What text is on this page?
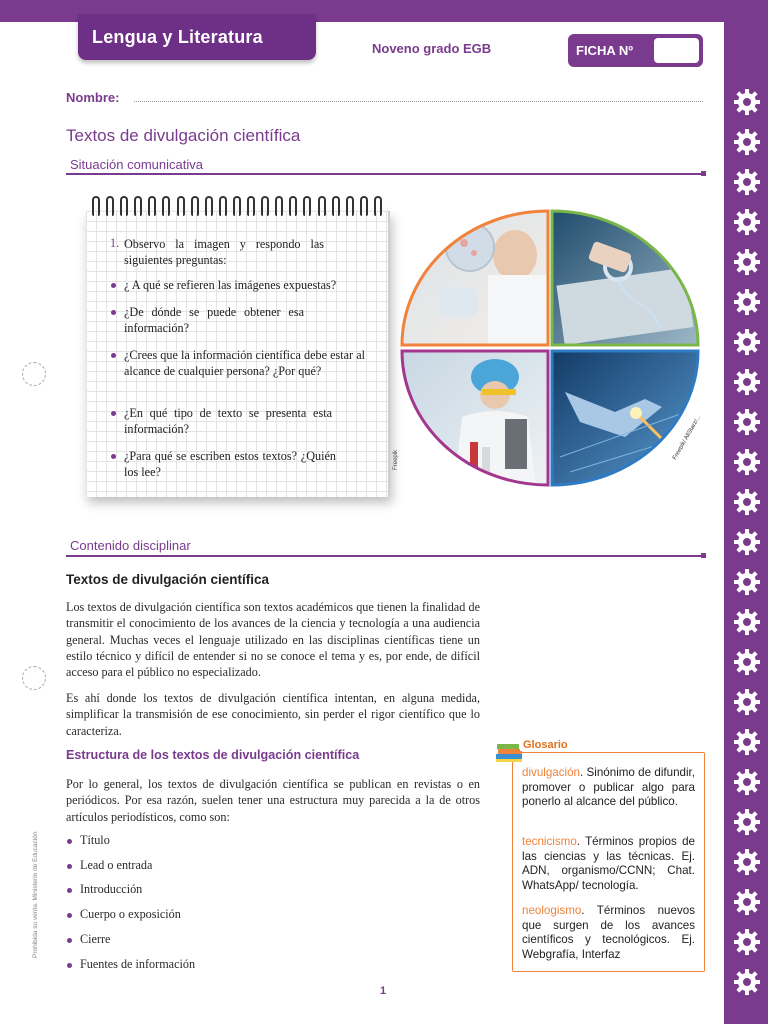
Lengua y Literatura
Noveno grado EGB	FICHA Nº
Nombre:
Textos de divulgación científica
Situación comunicativa
Freepik
1. Observo la imagen y respondo las siguientes preguntas:
¿ A qué se refieren las imágenes expuestas?
¿De dónde se puede obtener esa información?
¿Crees que la información científica debe estar al alcance de cualquier persona? ¿Por qué?
¿En qué tipo de texto se presenta esta información?
¿Para qué se escriben estos textos? ¿Quién los lee?
Freepik/ AllStarz/...
Contenido disciplinar
Textos de divulgación científica
Los textos de divulgación científica son textos académicos que tienen la finalidad de transmitir el conocimiento de los avances de la ciencia y tecnología a una audiencia general. Muchas veces el lenguaje utilizado en las disciplinas científicas tiene un estilo técnico y difícil de entender si no se conoce el tema y es, por ende, de difícil acceso para el público no especializado.
Es ahí donde los textos de divulgación científica intentan, en alguna medida, simplificar la transmisión de ese conocimiento, sin perder el rigor científico que lo caracteriza.
Estructura de los textos de divulgación científica
Por lo general, los textos de divulgación científica se publican en revistas o en periódicos. Por esa razón, suelen tener una estructura muy parecida a la de otros artículos periodísticos, como son:
Título
Lead o entrada
Introducción
Cuerpo o exposición
Cierre
Fuentes de información
Glosario
divulgación. Sinónimo de difundir, promover o publicar algo para ponerlo al alcance del público.
tecnicismo. Términos propios de las ciencias y las técnicas. Ej. ADN, organismo/CCNN; Chat. WhatsApp/ tecnología.
neologismo. Términos nuevos que surgen de los avances científicos y tecnológicos. Ej. Webgrafía, Interfaz
1
Prohibida su venta. Ministerio de Educación
